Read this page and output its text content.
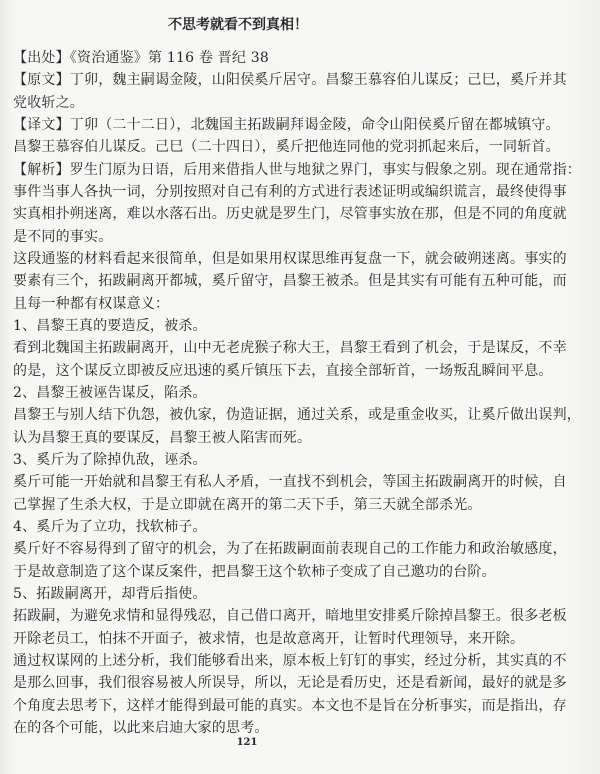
不思考就看不到真相！
【出处】《资治通鉴》第 116 卷 晋纪 38
【原文】丁卯，魏主嗣谒金陵，山阳侯奚斤居守。昌黎王慕容伯儿谋反；己巳，奚斤并其
党收斩之。
【译文】丁卯（二十二日），北魏国主拓跋嗣拜谒金陵，命令山阳侯奚斤留在都城镇守。
昌黎王慕容伯儿谋反。己巳（二十四日），奚斤把他连同他的党羽抓起来后，一同斩首。
【解析】罗生门原为日语，后用来借指人世与地狱之界门，事实与假象之别。现在通常指：
事件当事人各执一词，分别按照对自己有利的方式进行表述证明或编织谎言，最终使得事
实真相扑朔迷离，难以水落石出。历史就是罗生门，尽管事实放在那，但是不同的角度就
是不同的事实。
这段通鉴的材料看起来很简单，但是如果用权谋思维再复盘一下，就会破朔迷离。事实的
要素有三个，拓跋嗣离开都城，奚斤留守，昌黎王被杀。但是其实有可能有五种可能，而
且每一种都有权谋意义：
1、昌黎王真的要造反，被杀。
看到北魏国主拓跋嗣离开，山中无老虎猴子称大王，昌黎王看到了机会，于是谋反，不幸
的是，这个谋反立即被反应迅速的奚斤镇压下去，直接全部斩首，一场叛乱瞬间平息。
2、昌黎王被诬告谋反，陷杀。
昌黎王与别人结下仇怨，被仇家，伪造证据，通过关系，或是重金收买，让奚斤做出误判，
认为昌黎王真的要谋反，昌黎王被人陷害而死。
3、奚斤为了除掉仇敌，诬杀。
奚斤可能一开始就和昌黎王有私人矛盾，一直找不到机会，等国主拓跋嗣离开的时候，自
己掌握了生杀大权，于是立即就在离开的第二天下手，第三天就全部杀光。
4、奚斤为了立功，找软柿子。
奚斤好不容易得到了留守的机会，为了在拓跋嗣面前表现自己的工作能力和政治敏感度，
于是故意制造了这个谋反案件，把昌黎王这个软柿子变成了自己邀功的台阶。
5、拓跋嗣离开，却背后指使。
拓跋嗣，为避免求情和显得残忍，自己借口离开，暗地里安排奚斤除掉昌黎王。很多老板
开除老员工，怕抹不开面子，被求情，也是故意离开，让暂时代理领导，来开除。
通过权谋网的上述分析，我们能够看出来，原本板上钉钉的事实，经过分析，其实真的不
是那么回事，我们很容易被人所误导，所以，无论是看历史，还是看新闻，最好的就是多
个角度去思考下，这样才能得到最可能的真实。本文也不是旨在分析事实，而是指出，存
在的各个可能，以此来启迪大家的思考。
121
